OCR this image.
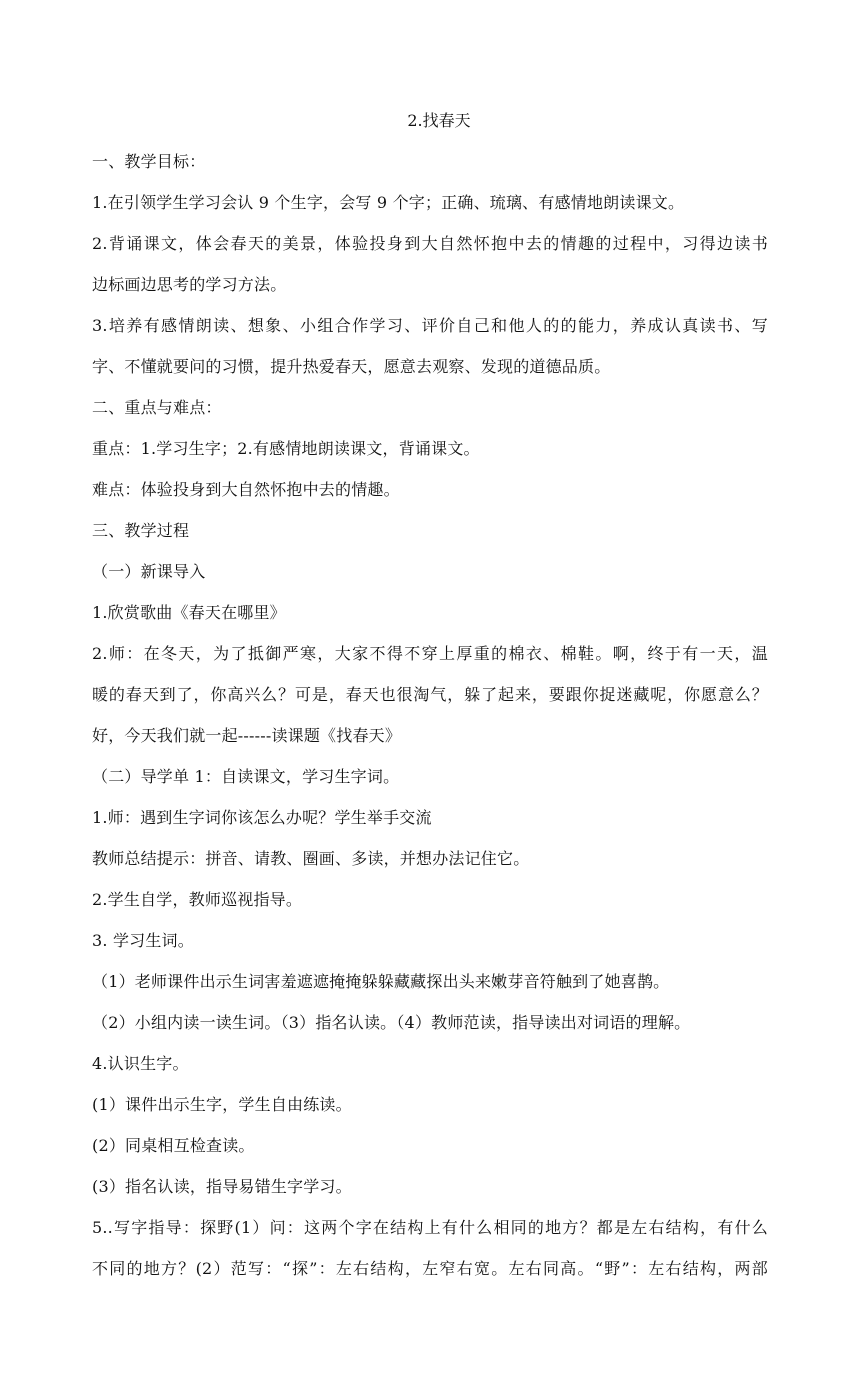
2.找春天

一、教学目标：

1.在引领学生学习会认 9 个生字，会写 9 个字；正确、琉璃、有感情地朗读课文。

2.背诵课文，体会春天的美景，体验投身到大自然怀抱中去的情趣的过程中，习得边读书

边标画边思考的学习方法。

3.培养有感情朗读、想象、小组合作学习、评价自己和他人的的能力，养成认真读书、写

字、不懂就要问的习惯，提升热爱春天，愿意去观察、发现的道德品质。

二、重点与难点：

重点：1.学习生字；2.有感情地朗读课文，背诵课文。

难点：体验投身到大自然怀抱中去的情趣。

三、教学过程

（一）新课导入

1.欣赏歌曲《春天在哪里》

2.师：在冬天，为了抵御严寒，大家不得不穿上厚重的棉衣、棉鞋。啊，终于有一天，温

暖的春天到了，你高兴么？可是，春天也很淘气，躲了起来，要跟你捉迷藏呢，你愿意么？

好，今天我们就一起------读课题《找春天》

（二）导学单 1：自读课文，学习生字词。

1.师：遇到生字词你该怎么办呢？学生举手交流

教师总结提示：拼音、请教、圈画、多读，并想办法记住它。

2.学生自学，教师巡视指导。

3. 学习生词。

（1）老师课件出示生词害羞遮遮掩掩躲躲藏藏探出头来嫩芽音符触到了她喜鹊。

（2）小组内读一读生词。（3）指名认读。（4）教师范读，指导读出对词语的理解。

4.认识生字。

(1）课件出示生字，学生自由练读。

(2）同桌相互检查读。

(3）指名认读，指导易错生字学习。

5..写字指导：探野(1）问：这两个字在结构上有什么相同的地方？都是左右结构，有什么

不同的地方？(2）范写：“探”：左右结构，左窄右宽。左右同高。“野”：左右结构，两部
